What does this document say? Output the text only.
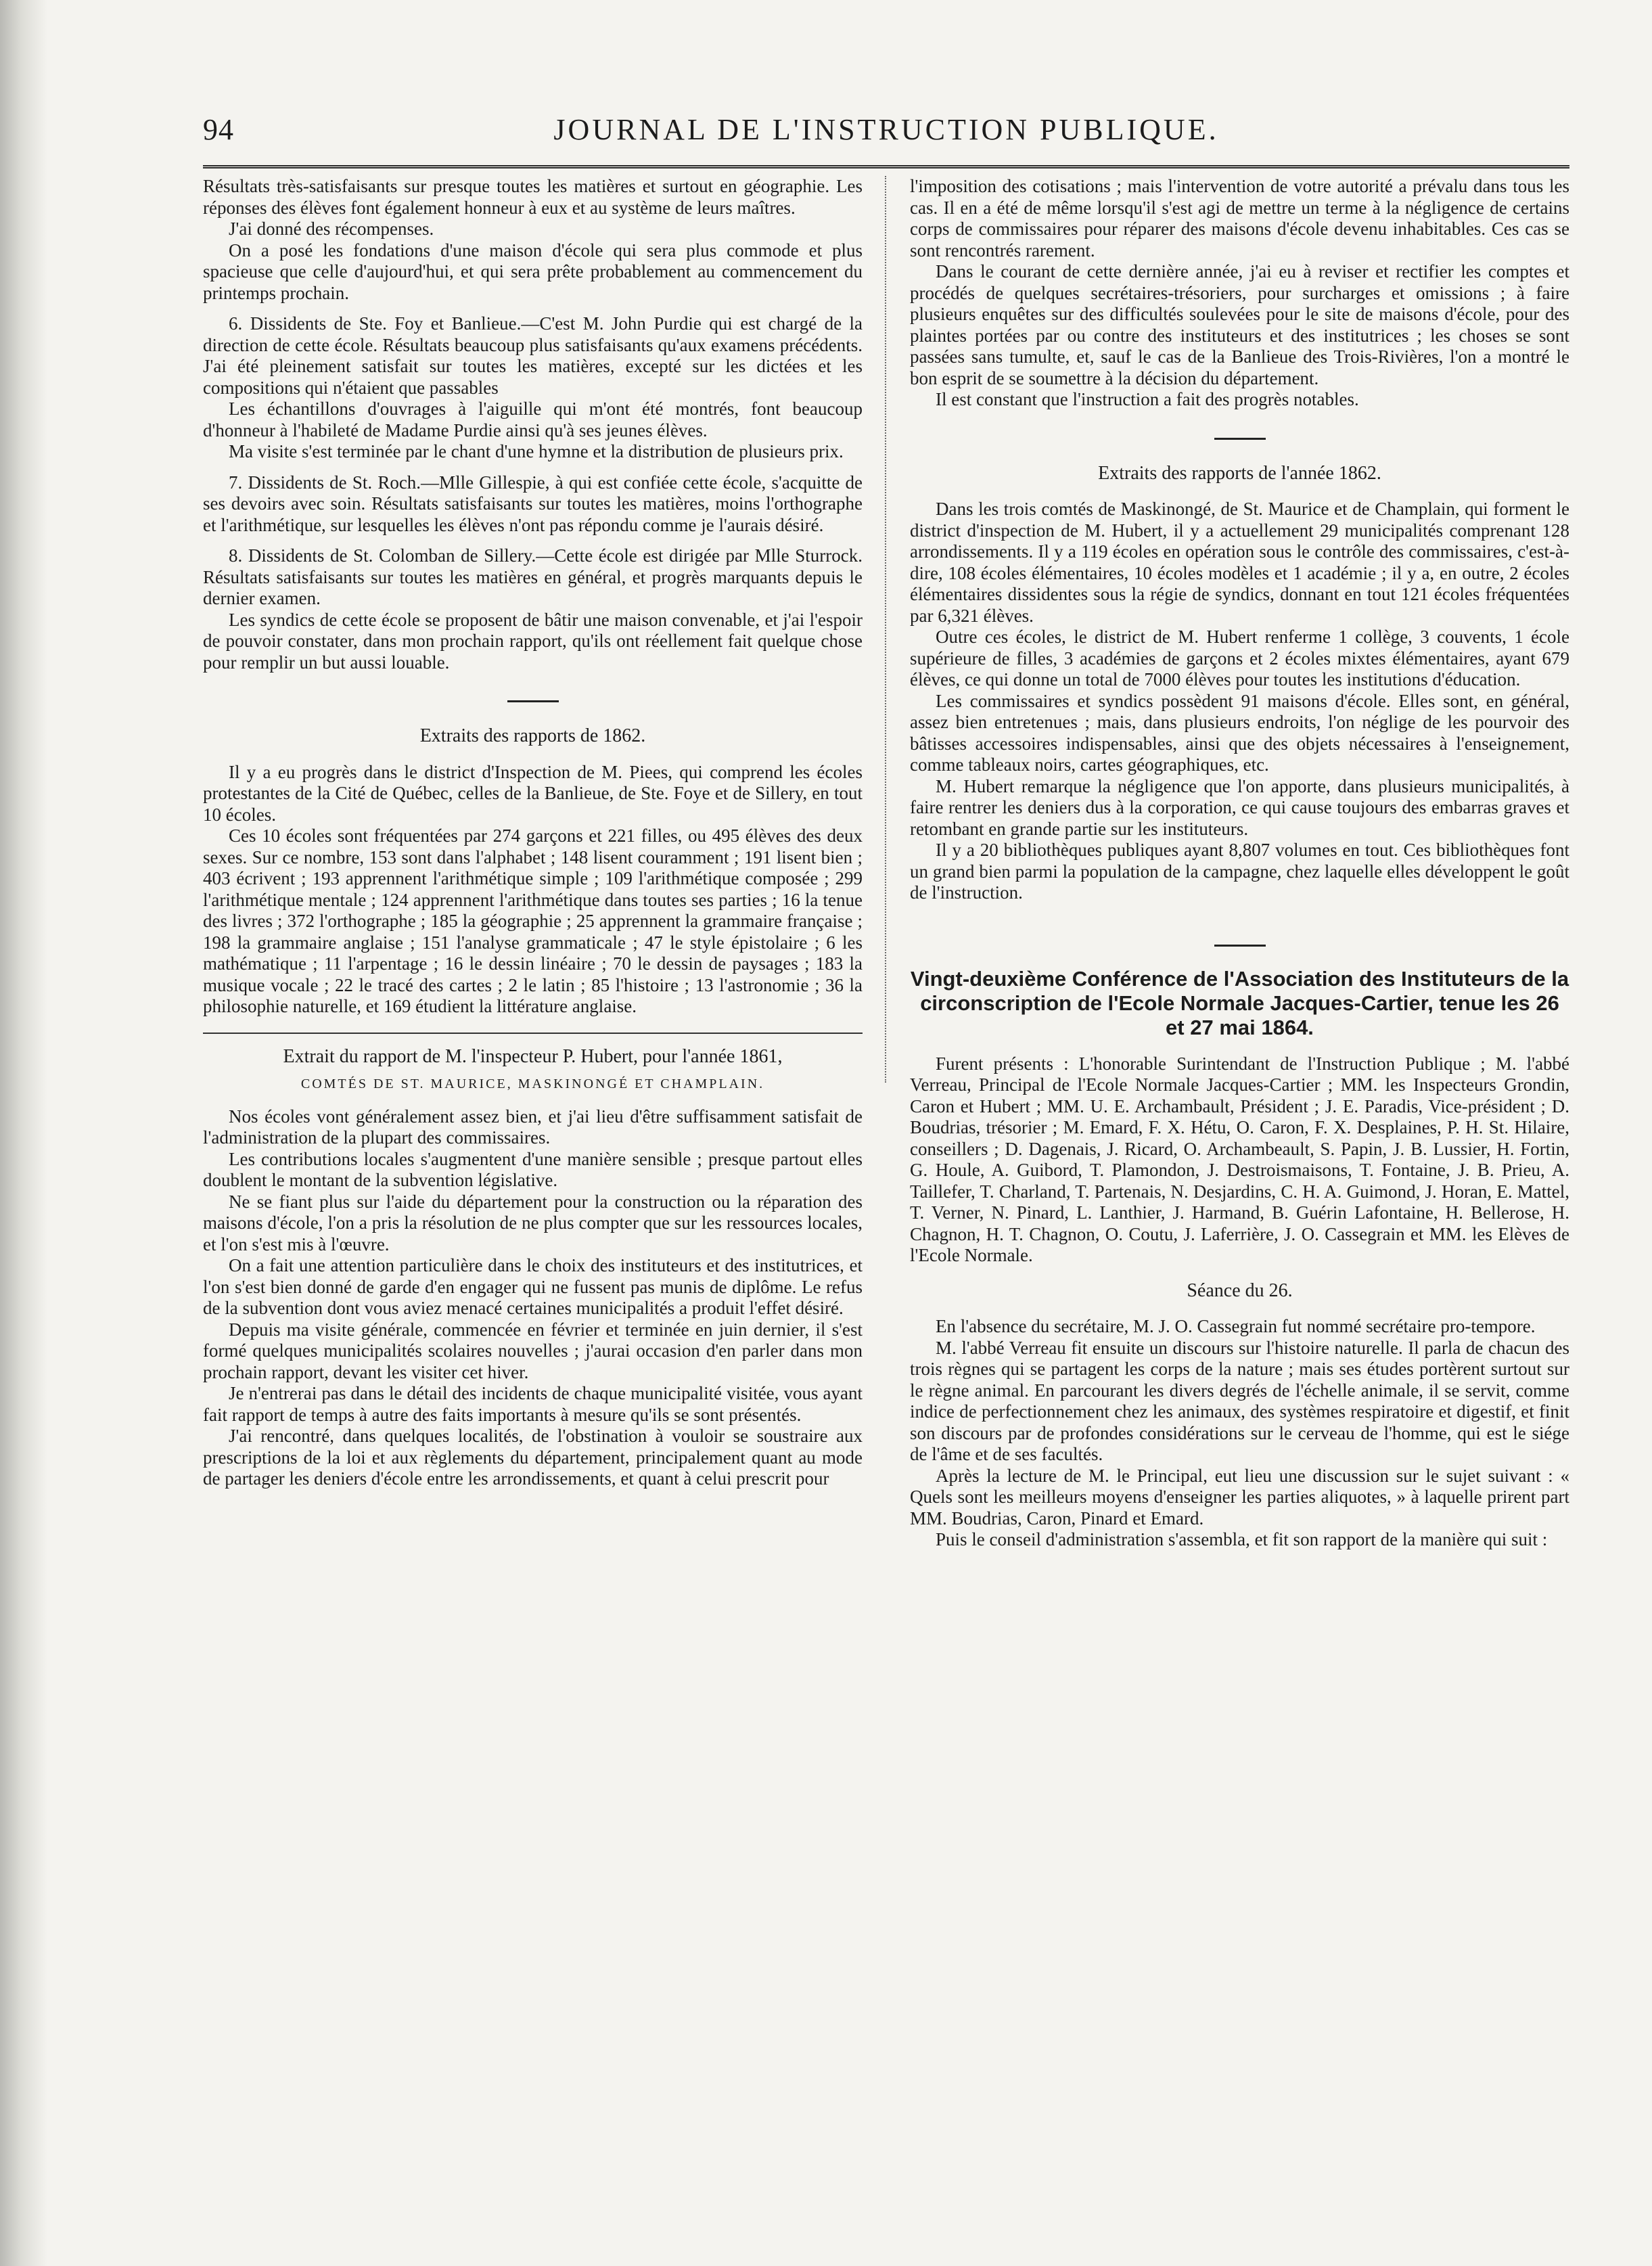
94	JOURNAL DE L'INSTRUCTION PUBLIQUE.

Résultats très-satisfaisants sur presque toutes les matières et surtout en géographie. Les réponses des élèves font également honneur à eux et au système de leurs maîtres.

J'ai donné des récompenses.

On a posé les fondations d'une maison d'école qui sera plus commode et plus spacieuse que celle d'aujourd'hui, et qui sera prête probablement au commencement du printemps prochain.

6. Dissidents de Ste. Foy et Banlieue.—C'est M. John Purdie qui est chargé de la direction de cette école. Résultats beaucoup plus satisfaisants qu'aux examens précédents. J'ai été pleinement satisfait sur toutes les matières, excepté sur les dictées et les compositions qui n'étaient que passables

Les échantillons d'ouvrages à l'aiguille qui m'ont été montrés, font beaucoup d'honneur à l'habileté de Madame Purdie ainsi qu'à ses jeunes élèves.

Ma visite s'est terminée par le chant d'une hymne et la distribution de plusieurs prix.

7. Dissidents de St. Roch.—Mlle Gillespie, à qui est confiée cette école, s'acquitte de ses devoirs avec soin. Résultats satisfaisants sur toutes les matières, moins l'orthographe et l'arithmétique, sur lesquelles les élèves n'ont pas répondu comme je l'aurais désiré.

8. Dissidents de St. Colomban de Sillery.—Cette école est dirigée par Mlle Sturrock. Résultats satisfaisants sur toutes les matières en général, et progrès marquants depuis le dernier examen.

Les syndics de cette école se proposent de bâtir une maison convenable, et j'ai l'espoir de pouvoir constater, dans mon prochain rapport, qu'ils ont réellement fait quelque chose pour remplir un but aussi louable.

Extraits des rapports de 1862.

Il y a eu progrès dans le district d'Inspection de M. Piees, qui comprend les écoles protestantes de la Cité de Québec, celles de la Banlieue, de Ste. Foye et de Sillery, en tout 10 écoles.

Ces 10 écoles sont fréquentées par 274 garçons et 221 filles, ou 495 élèves des deux sexes. Sur ce nombre, 153 sont dans l'alphabet ; 148 lisent couramment ; 191 lisent bien ; 403 écrivent ; 193 apprennent l'arithmétique simple ; 109 l'arithmétique composée ; 299 l'arithmétique mentale ; 124 apprennent l'arithmétique dans toutes ses parties ; 16 la tenue des livres ; 372 l'orthographe ; 185 la géographie ; 25 apprennent la grammaire française ; 198 la grammaire anglaise ; 151 l'analyse grammaticale ; 47 le style épistolaire ; 6 les mathématique ; 11 l'arpentage ; 16 le dessin linéaire ; 70 le dessin de paysages ; 183 la musique vocale ; 22 le tracé des cartes ; 2 le latin ; 85 l'histoire ; 13 l'astronomie ; 36 la philosophie naturelle, et 169 étudient la littérature anglaise.

Extrait du rapport de M. l'inspecteur P. Hubert, pour l'année 1861,
COMTÉS DE ST. MAURICE, MASKINONGÉ ET CHAMPLAIN.

Nos écoles vont généralement assez bien, et j'ai lieu d'être suffisamment satisfait de l'administration de la plupart des commissaires.

Les contributions locales s'augmentent d'une manière sensible ; presque partout elles doublent le montant de la subvention législative.

Ne se fiant plus sur l'aide du département pour la construction ou la réparation des maisons d'école, l'on a pris la résolution de ne plus compter que sur les ressources locales, et l'on s'est mis à l'œuvre.

On a fait une attention particulière dans le choix des instituteurs et des institutrices, et l'on s'est bien donné de garde d'en engager qui ne fussent pas munis de diplôme. Le refus de la subvention dont vous aviez menacé certaines municipalités a produit l'effet désiré.

Depuis ma visite générale, commencée en février et terminée en juin dernier, il s'est formé quelques municipalités scolaires nouvelles ; j'aurai occasion d'en parler dans mon prochain rapport, devant les visiter cet hiver.

Je n'entrerai pas dans le détail des incidents de chaque municipalité visitée, vous ayant fait rapport de temps à autre des faits importants à mesure qu'ils se sont présentés.

J'ai rencontré, dans quelques localités, de l'obstination à vouloir se soustraire aux prescriptions de la loi et aux règlements du département, principalement quant au mode de partager les deniers d'école entre les arrondissements, et quant à celui prescrit pour

l'imposition des cotisations ; mais l'intervention de votre autorité a prévalu dans tous les cas. Il en a été de même lorsqu'il s'est agi de mettre un terme à la négligence de certains corps de commissaires pour réparer des maisons d'école devenu inhabitables. Ces cas se sont rencontrés rarement.

Dans le courant de cette dernière année, j'ai eu à reviser et rectifier les comptes et procédés de quelques secrétaires-trésoriers, pour surcharges et omissions ; à faire plusieurs enquêtes sur des difficultés soulevées pour le site de maisons d'école, pour des plaintes portées par ou contre des instituteurs et des institutrices ; les choses se sont passées sans tumulte, et, sauf le cas de la Banlieue des Trois-Rivières, l'on a montré le bon esprit de se soumettre à la décision du département.

Il est constant que l'instruction a fait des progrès notables.

Extraits des rapports de l'année 1862.

Dans les trois comtés de Maskinongé, de St. Maurice et de Champlain, qui forment le district d'inspection de M. Hubert, il y a actuellement 29 municipalités comprenant 128 arrondissements. Il y a 119 écoles en opération sous le contrôle des commissaires, c'est-à-dire, 108 écoles élémentaires, 10 écoles modèles et 1 académie ; il y a, en outre, 2 écoles élémentaires dissidentes sous la régie de syndics, donnant en tout 121 écoles fréquentées par 6,321 élèves.

Outre ces écoles, le district de M. Hubert renferme 1 collège, 3 couvents, 1 école supérieure de filles, 3 académies de garçons et 2 écoles mixtes élémentaires, ayant 679 élèves, ce qui donne un total de 7000 élèves pour toutes les institutions d'éducation.

Les commissaires et syndics possèdent 91 maisons d'école. Elles sont, en général, assez bien entretenues ; mais, dans plusieurs endroits, l'on néglige de les pourvoir des bâtisses accessoires indispensables, ainsi que des objets nécessaires à l'enseignement, comme tableaux noirs, cartes géographiques, etc.

M. Hubert remarque la négligence que l'on apporte, dans plusieurs municipalités, à faire rentrer les deniers dus à la corporation, ce qui cause toujours des embarras graves et retombant en grande partie sur les instituteurs.

Il y a 20 bibliothèques publiques ayant 8,807 volumes en tout. Ces bibliothèques font un grand bien parmi la population de la campagne, chez laquelle elles développent le goût de l'instruction.

Vingt-deuxième Conférence de l'Association des Instituteurs de la circonscription de l'Ecole Normale Jacques-Cartier, tenue les 26 et 27 mai 1864.

Furent présents : L'honorable Surintendant de l'Instruction Publique ; M. l'abbé Verreau, Principal de l'Ecole Normale Jacques-Cartier ; MM. les Inspecteurs Grondin, Caron et Hubert ; MM. U. E. Archambault, Président ; J. E. Paradis, Vice-président ; D. Boudrias, trésorier ; M. Emard, F. X. Hétu, O. Caron, F. X. Desplaines, P. H. St. Hilaire, conseillers ; D. Dagenais, J. Ricard, O. Archambeault, S. Papin, J. B. Lussier, H. Fortin, G. Houle, A. Guibord, T. Plamondon, J. Destroismaisons, T. Fontaine, J. B. Prieu, A. Taillefer, T. Charland, T. Partenais, N. Desjardins, C. H. A. Guimond, J. Horan, E. Mattel, T. Verner, N. Pinard, L. Lanthier, J. Harmand, B. Guérin Lafontaine, H. Bellerose, H. Chagnon, H. T. Chagnon, O. Coutu, J. Laferrière, J. O. Cassegrain et MM. les Elèves de l'Ecole Normale.

Séance du 26.

En l'absence du secrétaire, M. J. O. Cassegrain fut nommé secrétaire pro-tempore.

M. l'abbé Verreau fit ensuite un discours sur l'histoire naturelle. Il parla de chacun des trois règnes qui se partagent les corps de la nature ; mais ses études portèrent surtout sur le règne animal. En parcourant les divers degrés de l'échelle animale, il se servit, comme indice de perfectionnement chez les animaux, des systèmes respiratoire et digestif, et finit son discours par de profondes considérations sur le cerveau de l'homme, qui est le siége de l'âme et de ses facultés.

Après la lecture de M. le Principal, eut lieu une discussion sur le sujet suivant : « Quels sont les meilleurs moyens d'enseigner les parties aliquotes, » à laquelle prirent part MM. Boudrias, Caron, Pinard et Emard.

Puis le conseil d'administration s'assembla, et fit son rapport de la manière qui suit :
